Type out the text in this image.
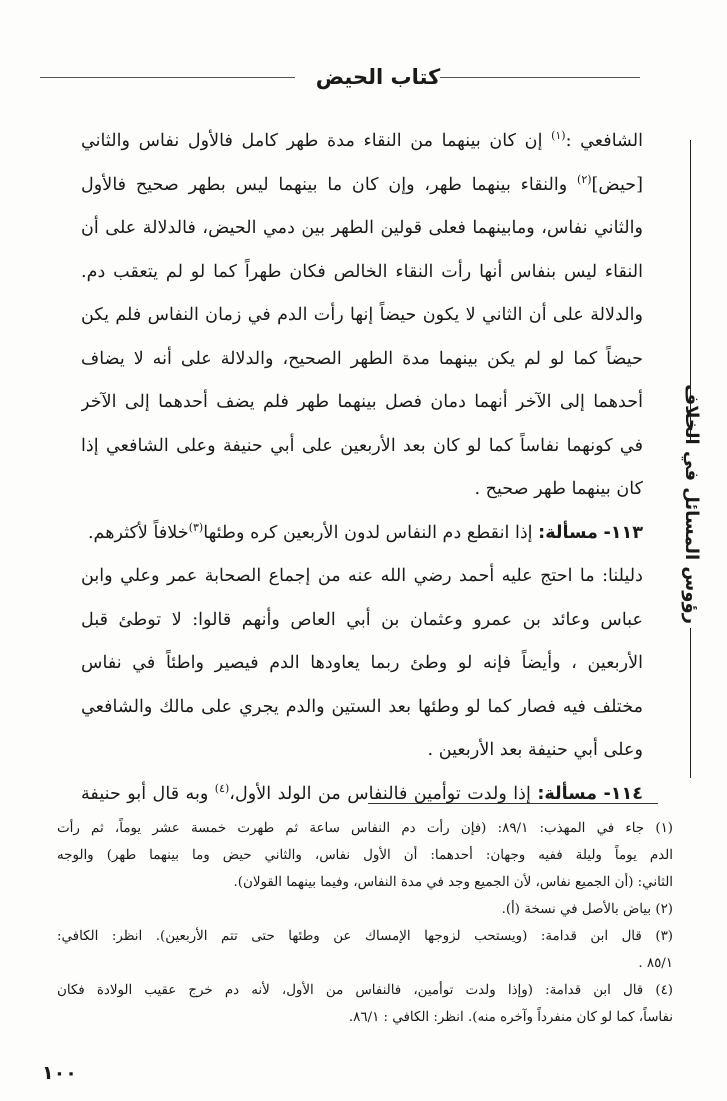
كتاب الحيض
رؤوس المسائل في الخلاف
الشافعي :$^{(١)}$ إن كان بينهما من النقاء مدة طهر كامل فالأول نفاس والثاني
[حيض]$^{(٢)}$ والنقاء بينهما طهر، وإن كان ما بينهما ليس بطهر صحيح فالأول
والثاني نفاس، ومابينهما فعلى قولين الطهر بين دمي الحيض، فالدلالة على أن
النقاء ليس بنفاس أنها رأت النقاء الخالص فكان طهراً كما لو لم يتعقب دم.
والدلالة على أن الثاني لا يكون حيضاً إنها رأت الدم في زمان النفاس فلم يكن
حيضاً كما لو لم يكن بينهما مدة الطهر الصحيح، والدلالة على أنه لا يضاف
أحدهما إلى الآخر أنهما دمان فصل بينهما طهر فلم يضف أحدهما إلى الآخر
في كونهما نفاساً كما لو كان بعد الأربعين على أبي حنيفة وعلى الشافعي إذا
كان بينهما طهر صحيح .
١١٣- مسألة: إذا انقطع دم النفاس لدون الأربعين كره وطئها$^{(٣)}$خلافاً لأكثرهم.
دليلنا: ما احتج عليه أحمد رضي الله عنه من إجماع الصحابة عمر وعلي وابن
عباس وعائد بن عمرو وعثمان بن أبي العاص وأنهم قالوا: لا توطئ قبل
الأربعين ، وأيضاً فإنه لو وطئ ربما يعاودها الدم فيصير واطئاً في نفاس
مختلف فيه فصار كما لو وطئها بعد الستين والدم يجري على مالك والشافعي
وعلى أبي حنيفة بعد الأربعين .
١١٤- مسألة: إذا ولدت توأمين فالنفاس من الولد الأول،$^{(٤)}$ وبه قال أبو حنيفة
(١) جاء في المهذب: ٨٩/١: (فإن رأت دم النفاس ساعة ثم طهرت خمسة عشر يوماً، ثم رأت
الدم يوماً وليلة ففيه وجهان: أحدهما: أن الأول نفاس، والثاني حيض وما بينهما طهر) والوجه
الثاني: (أن الجميع نفاس، لأن الجميع وجد في مدة النفاس، وفيما بينهما القولان).
(٢) بياض بالأصل في نسخة (أ).
(٣) قال ابن قدامة: (ويستحب لزوجها الإمساك عن وطئها حتى تتم الأربعين). انظر: الكافي:
٨٥/١ .
(٤) قال ابن قدامة: (وإذا ولدت توأمين، فالنفاس من الأول، لأنه دم خرج عقيب الولادة فكان
نفاساً، كما لو كان منفرداً وآخره منه). انظر: الكافي : ٨٦/١.
١٠٠
